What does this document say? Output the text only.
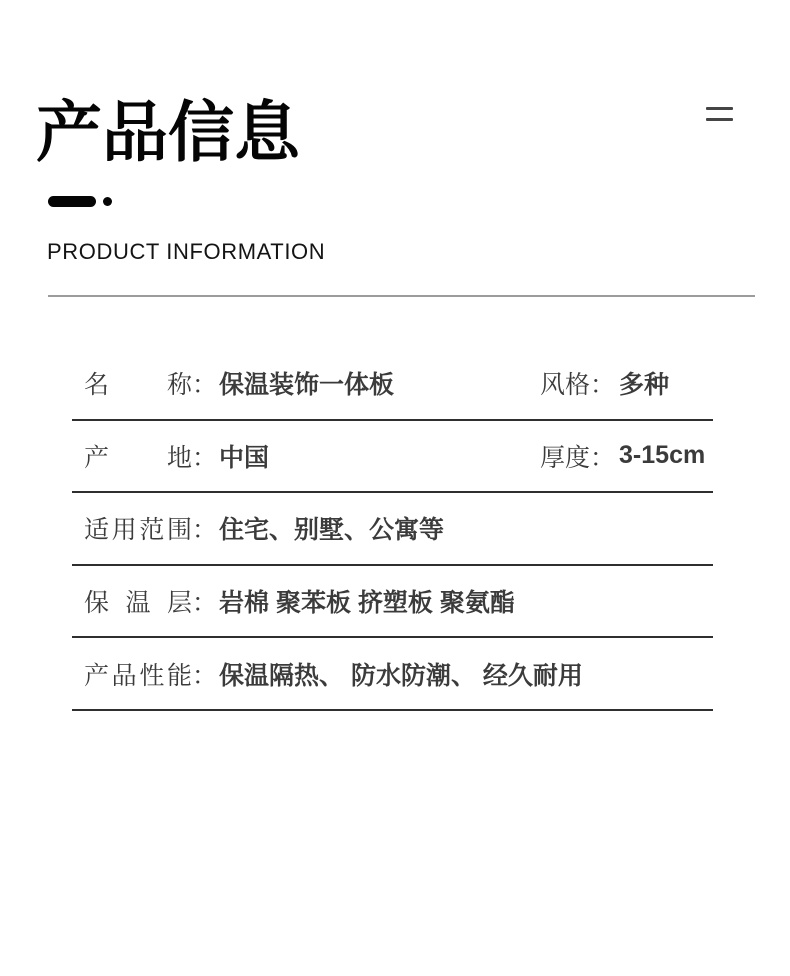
产品信息
PRODUCT INFORMATION
名称 ： 保温装饰一体板	风格 ： 多种
产地 ： 中国	厚度 ： 3-15cm
适用范围 ： 住宅、别墅、公寓等
保温层 ： 岩棉 聚苯板 挤塑板 聚氨酯
产品性能 ： 保温隔热、 防水防潮、 经久耐用
